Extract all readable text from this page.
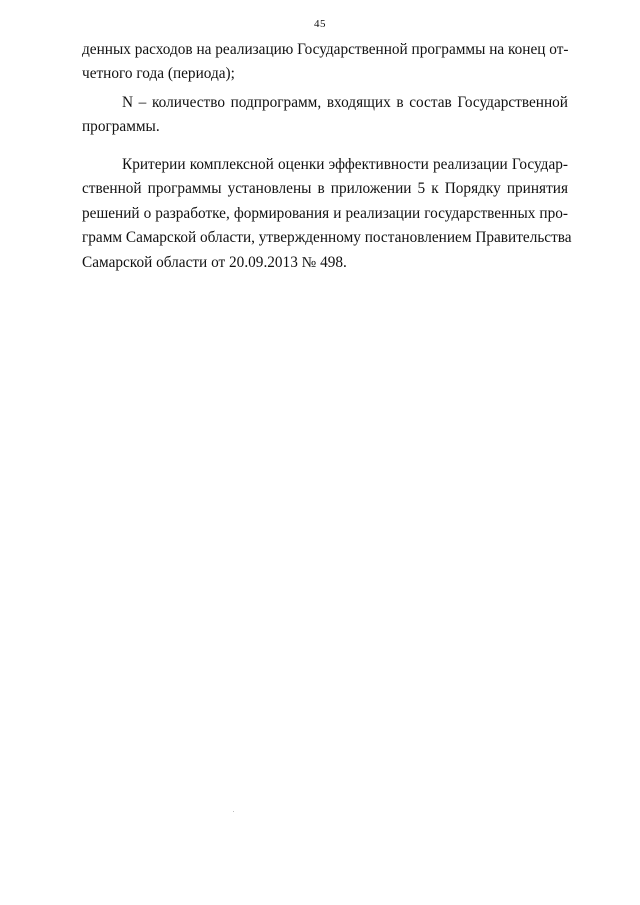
45
денных расходов на реализацию Государственной программы на конец от-
четного года (периода);
N – количество подпрограмм, входящих в состав Государственной
программы.
Критерии комплексной оценки эффективности реализации Государ-
ственной программы установлены в приложении 5 к Порядку принятия
решений о разработке, формирования и реализации государственных про-
грамм Самарской области, утвержденному постановлением Правительства
Самарской области от 20.09.2013 № 498.
